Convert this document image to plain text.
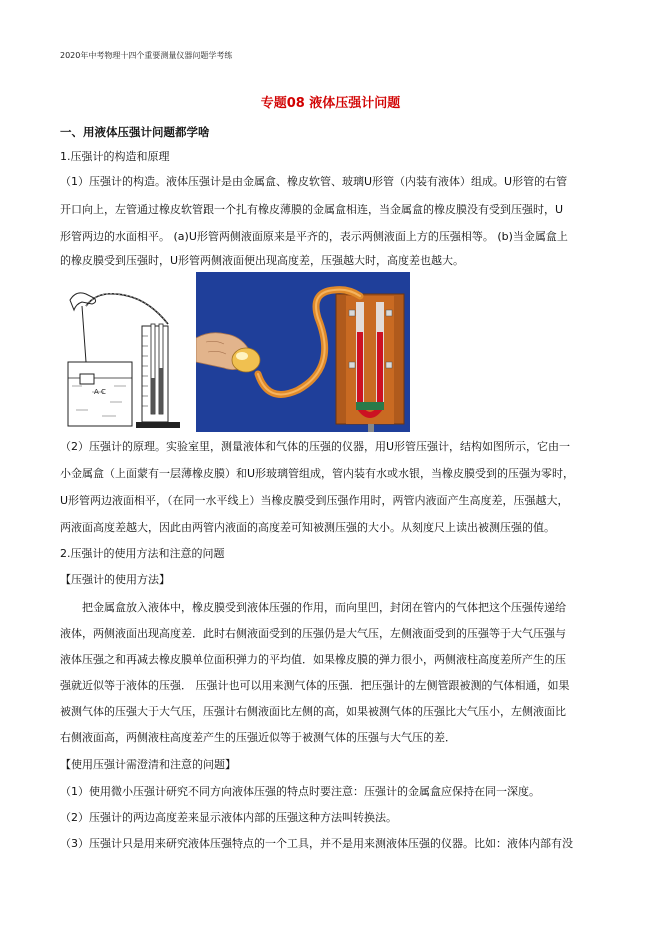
2020年中考物理十四个重要测量仪器问题学考练
专题08 液体压强计问题
一、用液体压强计问题都学啥
1.压强计的构造和原理
（1）压强计的构造。液体压强计是由金属盒、橡皮软管、玻璃U形管（内装有液体）组成。U形管的右管
开口向上，左管通过橡皮软管跟一个扎有橡皮薄膜的金属盒相连，当金属盒的橡皮膜没有受到压强时，U
形管两边的水面相平。 (a)U形管两侧液面原来是平齐的，表示两侧液面上方的压强相等。 (b)当金属盒上
的橡皮膜受到压强时，U形管两侧液面便出现高度差，压强越大时，高度差也越大。
A C
（2）压强计的原理。实验室里，测量液体和气体的压强的仪器，用U形管压强计，结构如图所示，它由一
小金属盒（上面蒙有一层薄橡皮膜）和U形玻璃管组成，管内装有水或水银，当橡皮膜受到的压强为零时，
U形管两边液面相平，（在同一水平线上）当橡皮膜受到压强作用时，两管内液面产生高度差，压强越大，
两液面高度差越大，因此由两管内液面的高度差可知被测压强的大小。从刻度尺上读出被测压强的值。
2.压强计的使用方法和注意的问题
【压强计的使用方法】
把金属盒放入液体中，橡皮膜受到液体压强的作用，而向里凹，封闭在管内的气体把这个压强传递给
液体，两侧液面出现高度差．此时右侧液面受到的压强仍是大气压，左侧液面受到的压强等于大气压强与
液体压强之和再减去橡皮膜单位面积弹力的平均值．如果橡皮膜的弹力很小，两侧液柱高度差所产生的压
强就近似等于液体的压强． 压强计也可以用来测气体的压强．把压强计的左侧管跟被测的气体相通，如果
被测气体的压强大于大气压，压强计右侧液面比左侧的高，如果被测气体的压强比大气压小，左侧液面比
右侧液面高，两侧液柱高度差产生的压强近似等于被测气体的压强与大气压的差．
【使用压强计需澄清和注意的问题】
（1）使用微小压强计研究不同方向液体压强的特点时要注意：压强计的金属盒应保持在同一深度。
（2）压强计的两边高度差来显示液体内部的压强这种方法叫转换法。
（3）压强计只是用来研究液体压强特点的一个工具，并不是用来测液体压强的仪器。比如：液体内部有没
